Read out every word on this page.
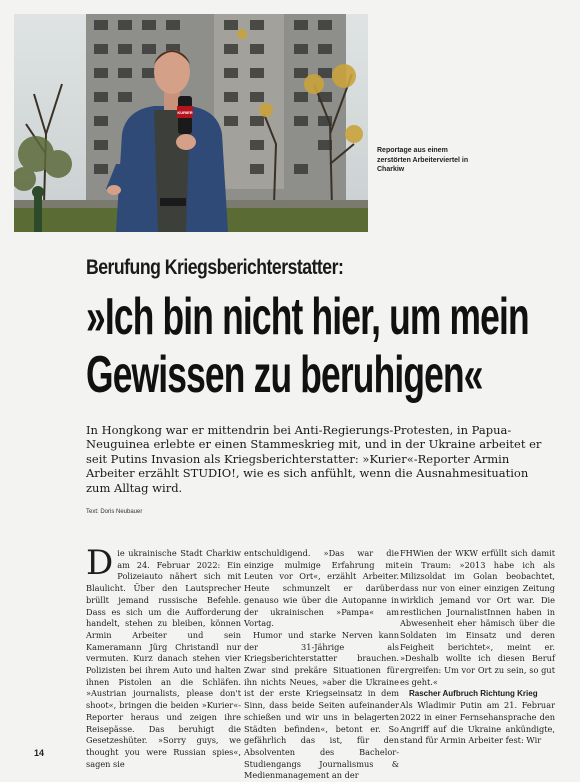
KURIER
Reportage aus einem zerstörten Arbeiterviertel in Charkiw
Berufung Kriegsberichterstatter:
»Ich bin nicht hier, um mein
Gewissen zu beruhigen«
In Hongkong war er mittendrin bei Anti-Regierungs-Protesten, in Papua-Neuguinea erlebte er einen Stammeskrieg mit, und in der Ukraine arbeitet er seit Putins Invasion als Kriegsberichterstatter: »Kurier«-Reporter Armin Arbeiter erzählt STUDIO!, wie es sich anfühlt, wenn die Ausnahmesituation zum Alltag wird.
Text: Doris Neubauer

Die ukrainische Stadt Charkiw am 24. Februar 2022: Ein Polizeiauto nähert sich mit Blaulicht. Über den Lautsprecher brüllt jemand russische Befehle. Dass es sich um die Aufforderung handelt, stehen zu bleiben, können Armin Arbeiter und sein Kameramann Jürg Christandl nur vermuten. Kurz danach stehen vier Polizisten bei ihrem Auto und halten ihnen Pistolen an die Schläfen. »Austrian journalists, please don't shoot«, bringen die beiden »Kurier«-Reporter heraus und zeigen ihre Reisepässe. Das beruhigt die Gesetzeshüter. »Sorry guys, we thought you were Russian spies«, sagen sie

entschuldigend. »Das war die einzige mulmige Erfahrung mit Leuten vor Ort«, erzählt Arbeiter. Heute schmunzelt er darüber genauso wie über die Autopanne in der ukrainischen »Pampa« am Vortag.

Humor und starke Nerven kann der 31-Jährige als Kriegsberichterstatter brauchen. Zwar sind prekäre Situationen für ihn nichts Neues, »aber die Ukraine ist der erste Kriegseinsatz in dem Sinn, dass beide Seiten aufeinander schießen und wir uns in belagerten Städten befinden«, betont er. So gefährlich das ist, für den Absolventen des Bachelor-Studiengangs Journalismus & Medienmanagement an der

FHWien der WKW erfüllt sich damit ein Traum: »2013 habe ich als Milizsoldat im Golan beobachtet, dass nur von einer einzigen Zeitung wirklich jemand vor Ort war. Die restlichen JournalistInnen haben in Abwesenheit eher hämisch über die Soldaten im Einsatz und deren Feigheit berichtet«, meint er. »Deshalb wollte ich diesen Beruf ergreifen: Um vor Ort zu sein, so gut es geht.«

Rascher Aufbruch Richtung Krieg

Als Wladimir Putin am 21. Februar 2022 in einer Fernsehansprache den Angriff auf die Ukraine ankündigte, stand für Armin Arbeiter fest: Wir

14
